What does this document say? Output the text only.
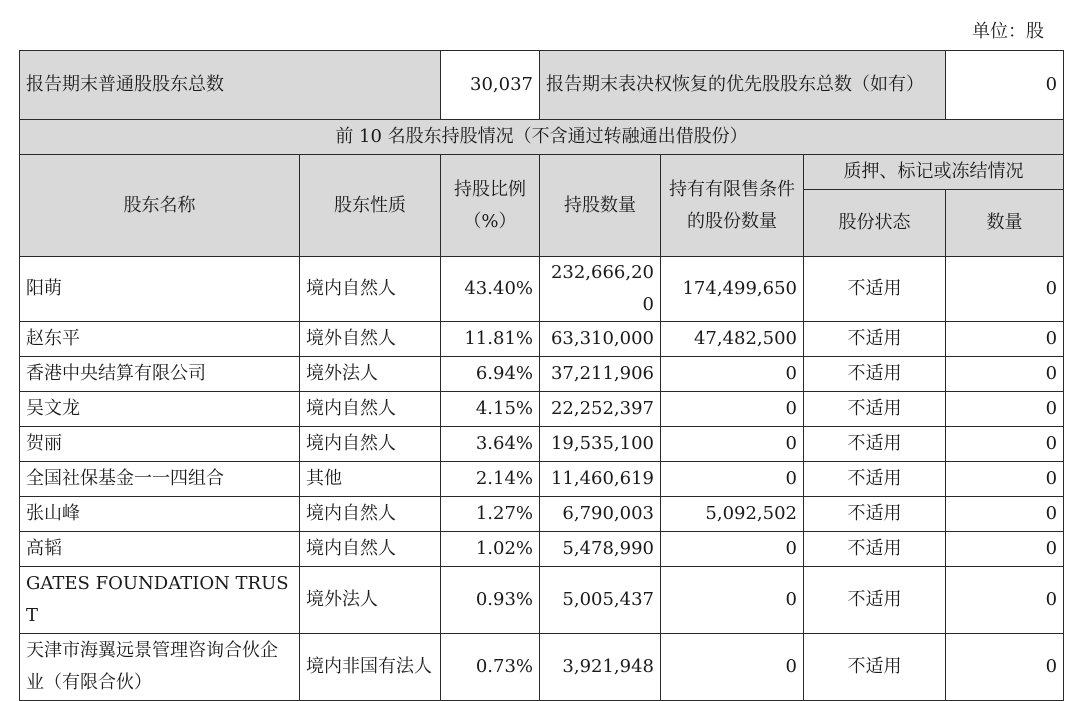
单位：股
报告期末普通股股东总数		30,037	报告期末表决权恢复的优先股股东总数（如有）			0
前 10 名股东持股情况（不含通过转融通出借股份）						
股东名称	股东性质	持股比例（%）	持股数量	持有有限售条件的股份数量	质押、标记或冻结情况	
					股份状态	数量
阳萌	境内自然人	43.40%	232,666,200	174,499,650	不适用	0
赵东平	境外自然人	11.81%	63,310,000	47,482,500	不适用	0
香港中央结算有限公司	境外法人	6.94%	37,211,906	0	不适用	0
吴文龙	境内自然人	4.15%	22,252,397	0	不适用	0
贺丽	境内自然人	3.64%	19,535,100	0	不适用	0
全国社保基金一一四组合	其他	2.14%	11,460,619	0	不适用	0
张山峰	境内自然人	1.27%	6,790,003	5,092,502	不适用	0
高韬	境内自然人	1.02%	5,478,990	0	不适用	0
GATES FOUNDATION TRUST	境外法人	0.93%	5,005,437	0	不适用	0
天津市海翼远景管理咨询合伙企业（有限合伙）	境内非国有法人	0.73%	3,921,948	0	不适用	0
